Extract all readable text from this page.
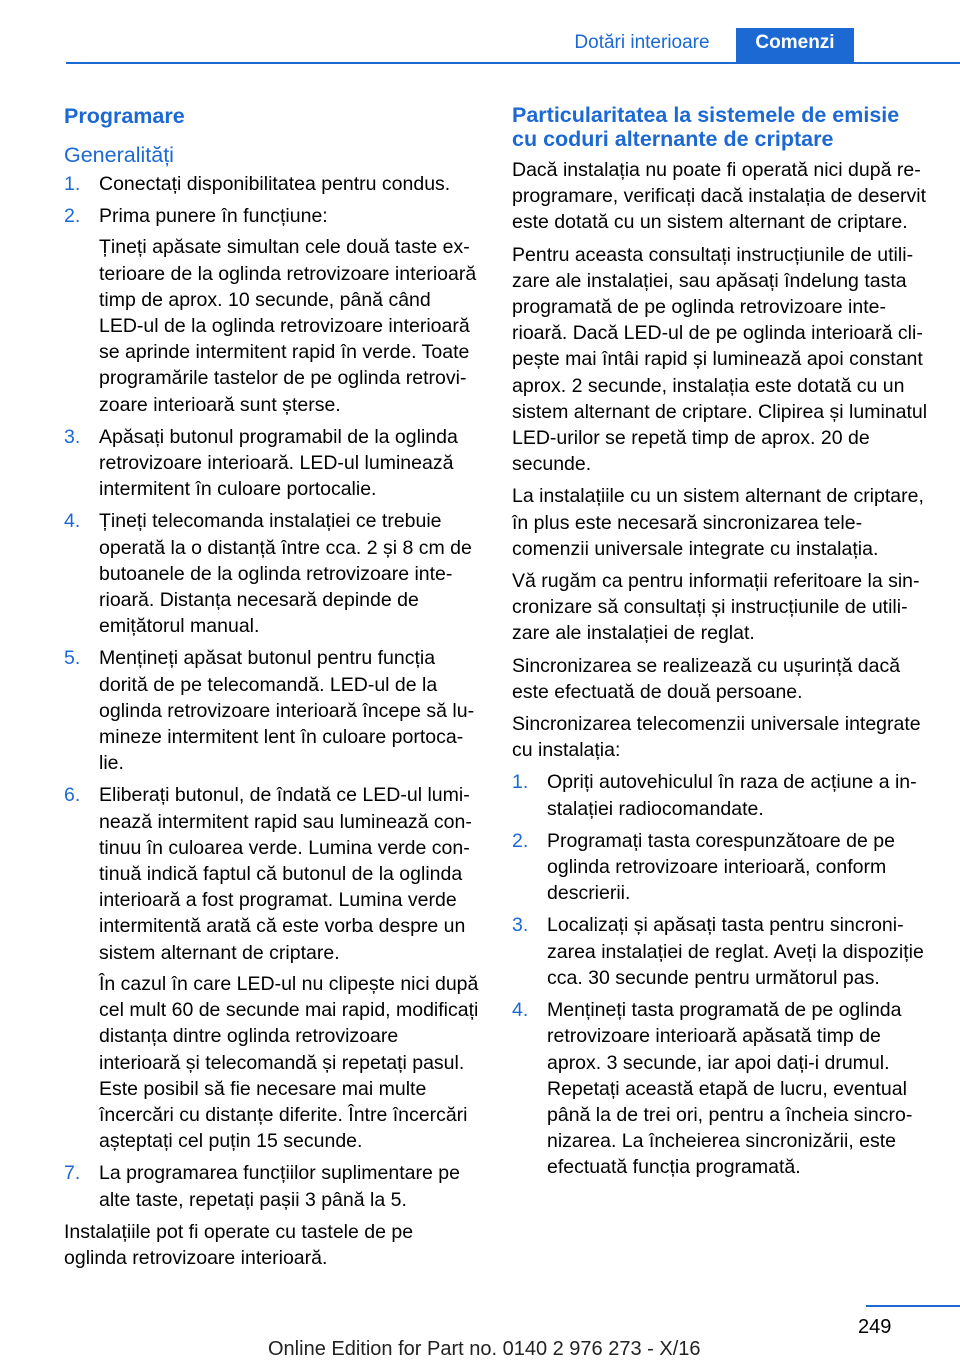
Dotări interioare	Comenzi
Programare
Generalități
1. Conectați disponibilitatea pentru condus.
2. Prima punere în funcțiune:
Țineți apăsate simultan cele două taste exterioare de la oglinda retrovizoare interioară timp de aprox. 10 secunde, până când LED-ul de la oglinda retrovizoare interioară se aprinde intermitent rapid în verde. Toate programările tastelor de pe oglinda retrovizoare interioară sunt șterse.
3. Apăsați butonul programabil de la oglinda retrovizoare interioară. LED-ul luminează intermitent în culoare portocalie.
4. Țineți telecomanda instalației ce trebuie operată la o distanță între cca. 2 și 8 cm de butoanele de la oglinda retrovizoare interioară. Distanța necesară depinde de emițătorul manual.
5. Mențineți apăsat butonul pentru funcția dorită de pe telecomandă. LED-ul de la oglinda retrovizoare interioară începe să lumineze intermitent lent în culoare portocalie.
6. Eliberați butonul, de îndată ce LED-ul luminează intermitent rapid sau luminează continuu în culoarea verde. Lumina verde continuă indică faptul că butonul de la oglinda interioară a fost programat. Lumina verde intermitentă arată că este vorba despre un sistem alternant de criptare.
În cazul în care LED-ul nu clipește nici după cel mult 60 de secunde mai rapid, modificați distanța dintre oglinda retrovizoare interioară și telecomandă și repetați pasul. Este posibil să fie necesare mai multe încercări cu distanțe diferite. Între încercări așteptați cel puțin 15 secunde.
7. La programarea funcțiilor suplimentare pe alte taste, repetați pașii 3 până la 5.

Instalațiile pot fi operate cu tastele de pe oglinda retrovizoare interioară.

Particularitatea la sistemele de emisie cu coduri alternante de criptare

Dacă instalația nu poate fi operată nici după reprogramare, verificați dacă instalația de deservit este dotată cu un sistem alternant de criptare.

Pentru aceasta consultați instrucțiunile de utilizare ale instalației, sau apăsați îndelung tasta programată de pe oglinda retrovizoare interioară. Dacă LED-ul de pe oglinda interioară clipește mai întâi rapid și luminează apoi constant aprox. 2 secunde, instalația este dotată cu un sistem alternant de criptare. Clipirea și luminatul LED-urilor se repetă timp de aprox. 20 de secunde.

La instalațiile cu un sistem alternant de criptare, în plus este necesară sincronizarea telecomenzii universale integrate cu instalația.

Vă rugăm ca pentru informații referitoare la sincronizare să consultați și instrucțiunile de utilizare ale instalației de reglat.

Sincronizarea se realizează cu ușurință dacă este efectuată de două persoane.

Sincronizarea telecomenzii universale integrate cu instalația:

1. Opriți autovehiculul în raza de acțiune a instalației radiocomandate.
2. Programați tasta corespunzătoare de pe oglinda retrovizoare interioară, conform descrierii.
3. Localizați și apăsați tasta pentru sincronizarea instalației de reglat. Aveți la dispoziție cca. 30 secunde pentru următorul pas.
4. Mențineți tasta programată de pe oglinda retrovizoare interioară apăsată timp de aprox. 3 secunde, iar apoi dați-i drumul. Repetați această etapă de lucru, eventual până la de trei ori, pentru a încheia sincronizarea. La încheierea sincronizării, este efectuată funcția programată.
249
Online Edition for Part no. 0140 2 976 273 - X/16
